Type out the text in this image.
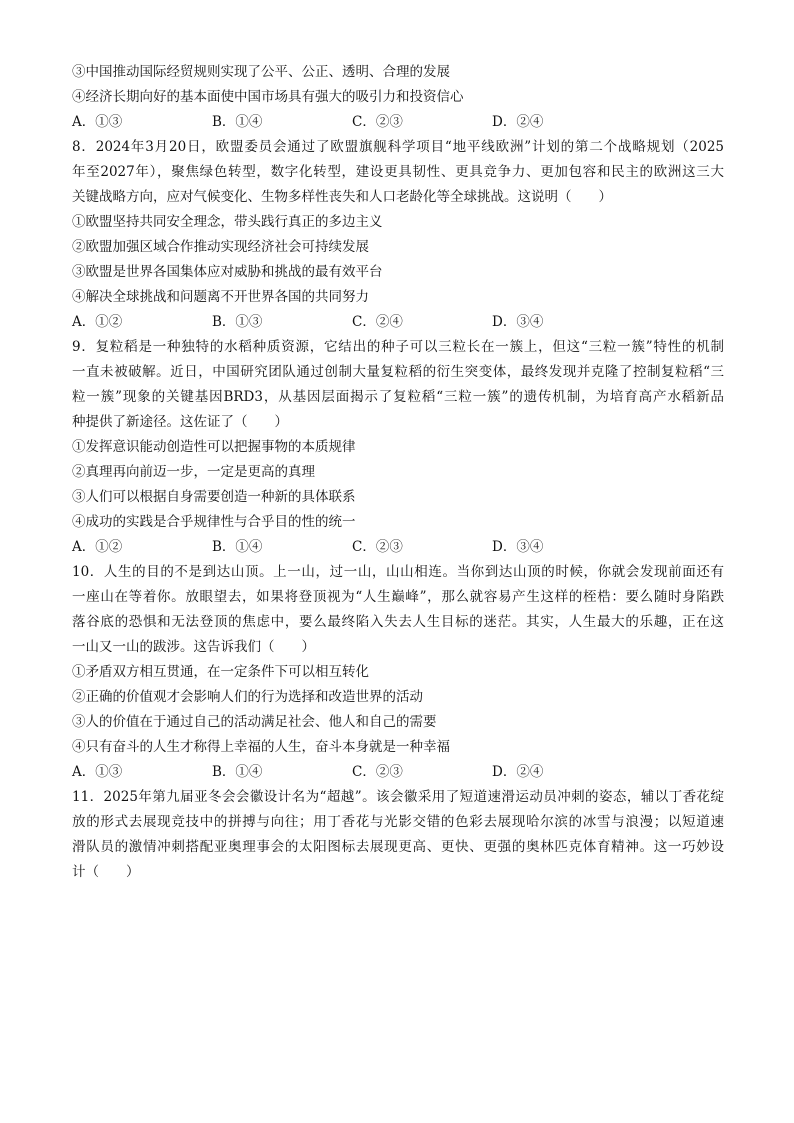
③中国推动国际经贸规则实现了公平、公正、透明、合理的发展
④经济长期向好的基本面使中国市场具有强大的吸引力和投资信心
A．①③	B．①④	C．②③	D．②④
8．2024年3月20日，欧盟委员会通过了欧盟旗舰科学项目“地平线欧洲”计划的第二个战略规划（2025
年至2027年），聚焦绿色转型，数字化转型，建设更具韧性、更具竞争力、更加包容和民主的欧洲这三大
关键战略方向，应对气候变化、生物多样性丧失和人口老龄化等全球挑战。这说明（　　）
①欧盟坚持共同安全理念，带头践行真正的多边主义
②欧盟加强区域合作推动实现经济社会可持续发展
③欧盟是世界各国集体应对威胁和挑战的最有效平台
④解决全球挑战和问题离不开世界各国的共同努力
A．①②	B．①③	C．②④	D．③④
9．复粒稻是一种独特的水稻种质资源，它结出的种子可以三粒长在一簇上，但这“三粒一簇”特性的机制
一直未被破解。近日，中国研究团队通过创制大量复粒稻的衍生突变体，最终发现并克隆了控制复粒稻“三
粒一簇”现象的关键基因BRD3，从基因层面揭示了复粒稻“三粒一簇”的遗传机制，为培育高产水稻新品
种提供了新途径。这佐证了（　　）
①发挥意识能动创造性可以把握事物的本质规律
②真理再向前迈一步，一定是更高的真理
③人们可以根据自身需要创造一种新的具体联系
④成功的实践是合乎规律性与合乎目的性的统一
A．①②	B．①④	C．②③	D．③④
10．人生的目的不是到达山顶。上一山，过一山，山山相连。当你到达山顶的时候，你就会发现前面还有
一座山在等着你。放眼望去，如果将登顶视为“人生巅峰”，那么就容易产生这样的桎梏：要么随时身陷跌
落谷底的恐惧和无法登顶的焦虑中，要么最终陷入失去人生目标的迷茫。其实，人生最大的乐趣，正在这
一山又一山的跋涉。这告诉我们（　　）
①矛盾双方相互贯通，在一定条件下可以相互转化
②正确的价值观才会影响人们的行为选择和改造世界的活动
③人的价值在于通过自己的活动满足社会、他人和自己的需要
④只有奋斗的人生才称得上幸福的人生，奋斗本身就是一种幸福
A．①③	B．①④	C．②③	D．②④
11．2025年第九届亚冬会会徽设计名为“超越”。该会徽采用了短道速滑运动员冲刺的姿态，辅以丁香花绽
放的形式去展现竞技中的拼搏与向往；用丁香花与光影交错的色彩去展现哈尔滨的冰雪与浪漫；以短道速
滑队员的激情冲刺搭配亚奥理事会的太阳图标去展现更高、更快、更强的奥林匹克体育精神。这一巧妙设
计（　　）
